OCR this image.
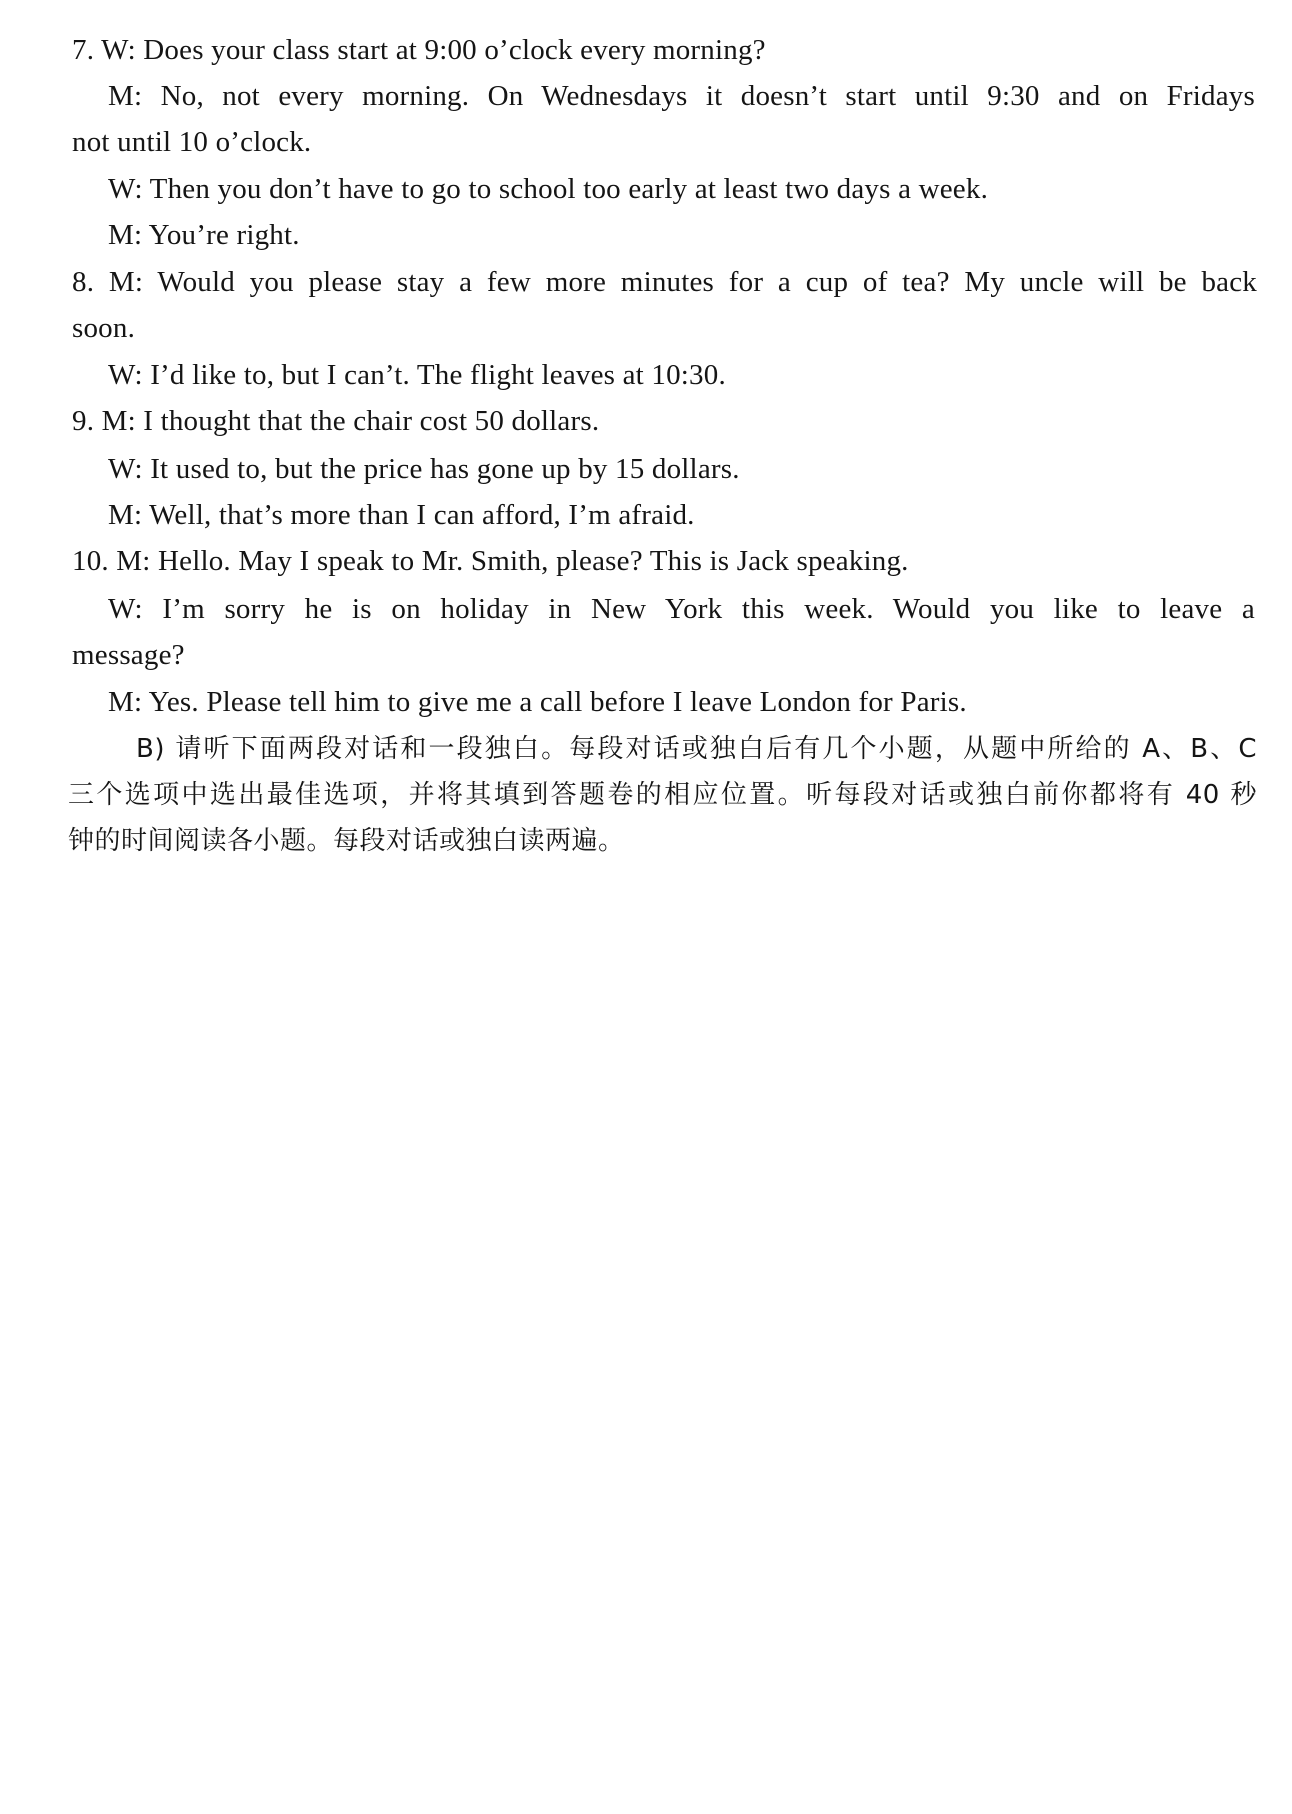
7. W: Does your class start at 9:00 o’clock every morning?
M: No, not every morning. On Wednesdays it doesn’t start until 9:30 and on Fridays
not until 10 o’clock.
W: Then you don’t have to go to school too early at least two days a week.
M: You’re right.
8. M: Would you please stay a few more minutes for a cup of tea? My uncle will be back
soon.
W: I’d like to, but I can’t. The flight leaves at 10:30.
9. M: I thought that the chair cost 50 dollars.
W: It used to, but the price has gone up by 15 dollars.
M: Well, that’s more than I can afford, I’m afraid.
10. M: Hello. May I speak to Mr. Smith, please? This is Jack speaking.
W: I’m sorry he is on holiday in New York this week. Would you like to leave a
message?
M: Yes. Please tell him to give me a call before I leave London for Paris.
B) 请听下面两段对话和一段独白。每段对话或独白后有几个小题，从题中所给的 A、B、C
三个选项中选出最佳选项，并将其填到答题卷的相应位置。听每段对话或独白前你都将有 40 秒
钟的时间阅读各小题。每段对话或独白读两遍。
